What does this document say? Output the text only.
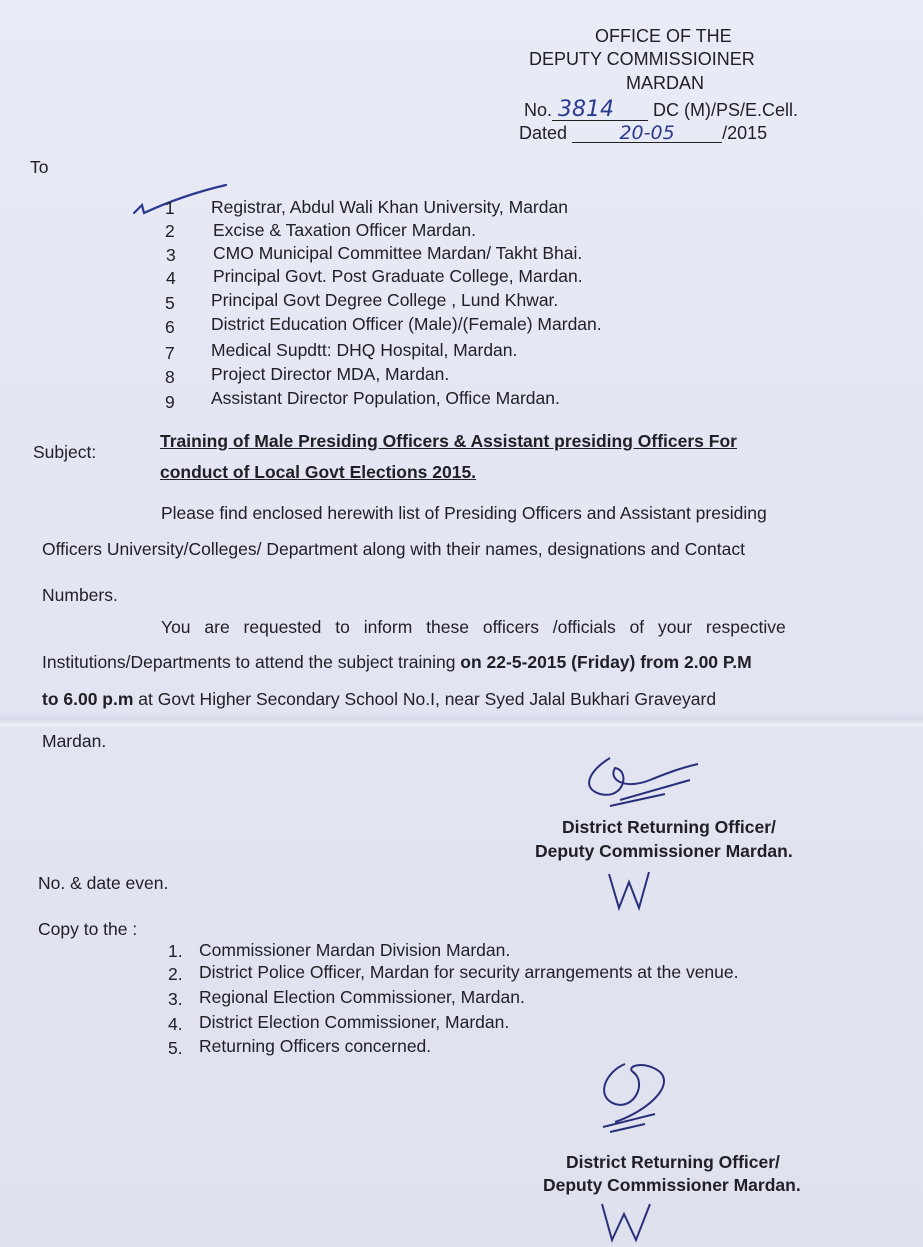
OFFICE OF THE
DEPUTY COMMISSIOINER
MARDAN
No. 3814 DC (M)/PS/E.Cell.
Dated	20-05	/2015
To
1 Registrar, Abdul Wali Khan University, Mardan
2 Excise & Taxation Officer Mardan.
3 CMO Municipal Committee Mardan/ Takht Bhai.
4 Principal Govt. Post Graduate College, Mardan.
5 Principal Govt Degree College , Lund Khwar.
6 District Education Officer (Male)/(Female) Mardan.
7 Medical Supdtt: DHQ Hospital, Mardan.
8 Project Director MDA, Mardan.
9 Assistant Director Population, Office Mardan.
Subject:
Training of Male Presiding Officers & Assistant presiding Officers For
conduct of Local Govt Elections 2015.
Please find enclosed herewith list of Presiding Officers and Assistant presiding
Officers University/Colleges/ Department along with their names, designations and Contact
Numbers.
You are requested to inform these officers /officials of your respective
Institutions/Departments to attend the subject training on 22-5-2015 (Friday) from 2.00 P.M
to 6.00 p.m at Govt Higher Secondary School No.I, near Syed Jalal Bukhari Graveyard
Mardan.
District Returning Officer/
Deputy Commissioner Mardan.
No. & date even.
Copy to the :
1. Commissioner Mardan Division Mardan.
2. District Police Officer, Mardan for security arrangements at the venue.
3. Regional Election Commissioner, Mardan.
4. District Election Commissioner, Mardan.
5. Returning Officers concerned.
District Returning Officer/
Deputy Commissioner Mardan.
